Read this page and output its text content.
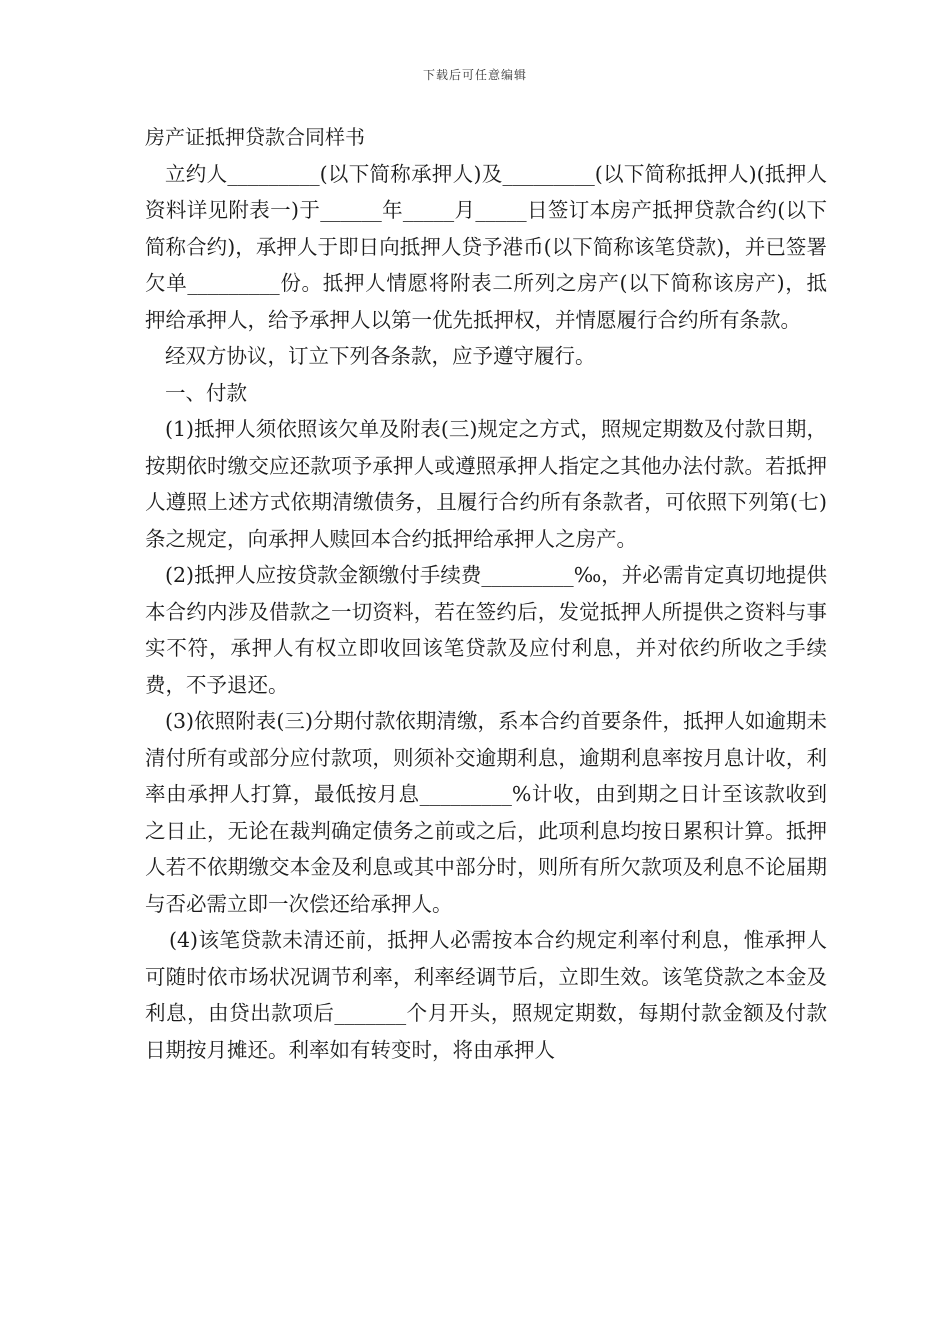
下载后可任意编辑

房产证抵押贷款合同样书

立约人_________(以下简称承押人)及_________(以下简称抵押人)(抵押人资料详见附表一)于______年_____月_____日签订本房产抵押贷款合约(以下简称合约)，承押人于即日向抵押人贷予港币(以下简称该笔贷款)，并已签署欠单_________份。抵押人情愿将附表二所列之房产(以下简称该房产)，抵押给承押人，给予承押人以第一优先抵押权，并情愿履行合约所有条款。

经双方协议，订立下列各条款，应予遵守履行。

一、付款

(1)抵押人须依照该欠单及附表(三)规定之方式，照规定期数及付款日期，按期依时缴交应还款项予承押人或遵照承押人指定之其他办法付款。若抵押人遵照上述方式依期清缴债务，且履行合约所有条款者，可依照下列第(七)条之规定，向承押人赎回本合约抵押给承押人之房产。

(2)抵押人应按贷款金额缴付手续费_________‰，并必需肯定真切地提供本合约内涉及借款之一切资料，若在签约后，发觉抵押人所提供之资料与事实不符，承押人有权立即收回该笔贷款及应付利息，并对依约所收之手续费，不予退还。

(3)依照附表(三)分期付款依期清缴，系本合约首要条件，抵押人如逾期未清付所有或部分应付款项，则须补交逾期利息，逾期利息率按月息计收，利率由承押人打算，最低按月息_________%计收，由到期之日计至该款收到之日止，无论在裁判确定债务之前或之后，此项利息均按日累积计算。抵押人若不依期缴交本金及利息或其中部分时，则所有所欠款项及利息不论届期与否必需立即一次偿还给承押人。

(4)该笔贷款未清还前，抵押人必需按本合约规定利率付利息，惟承押人可随时依市场状况调节利率，利率经调节后，立即生效。该笔贷款之本金及利息，由贷出款项后_______个月开头，照规定期数，每期付款金额及付款日期按月摊还。利率如有转变时，将由承押人
